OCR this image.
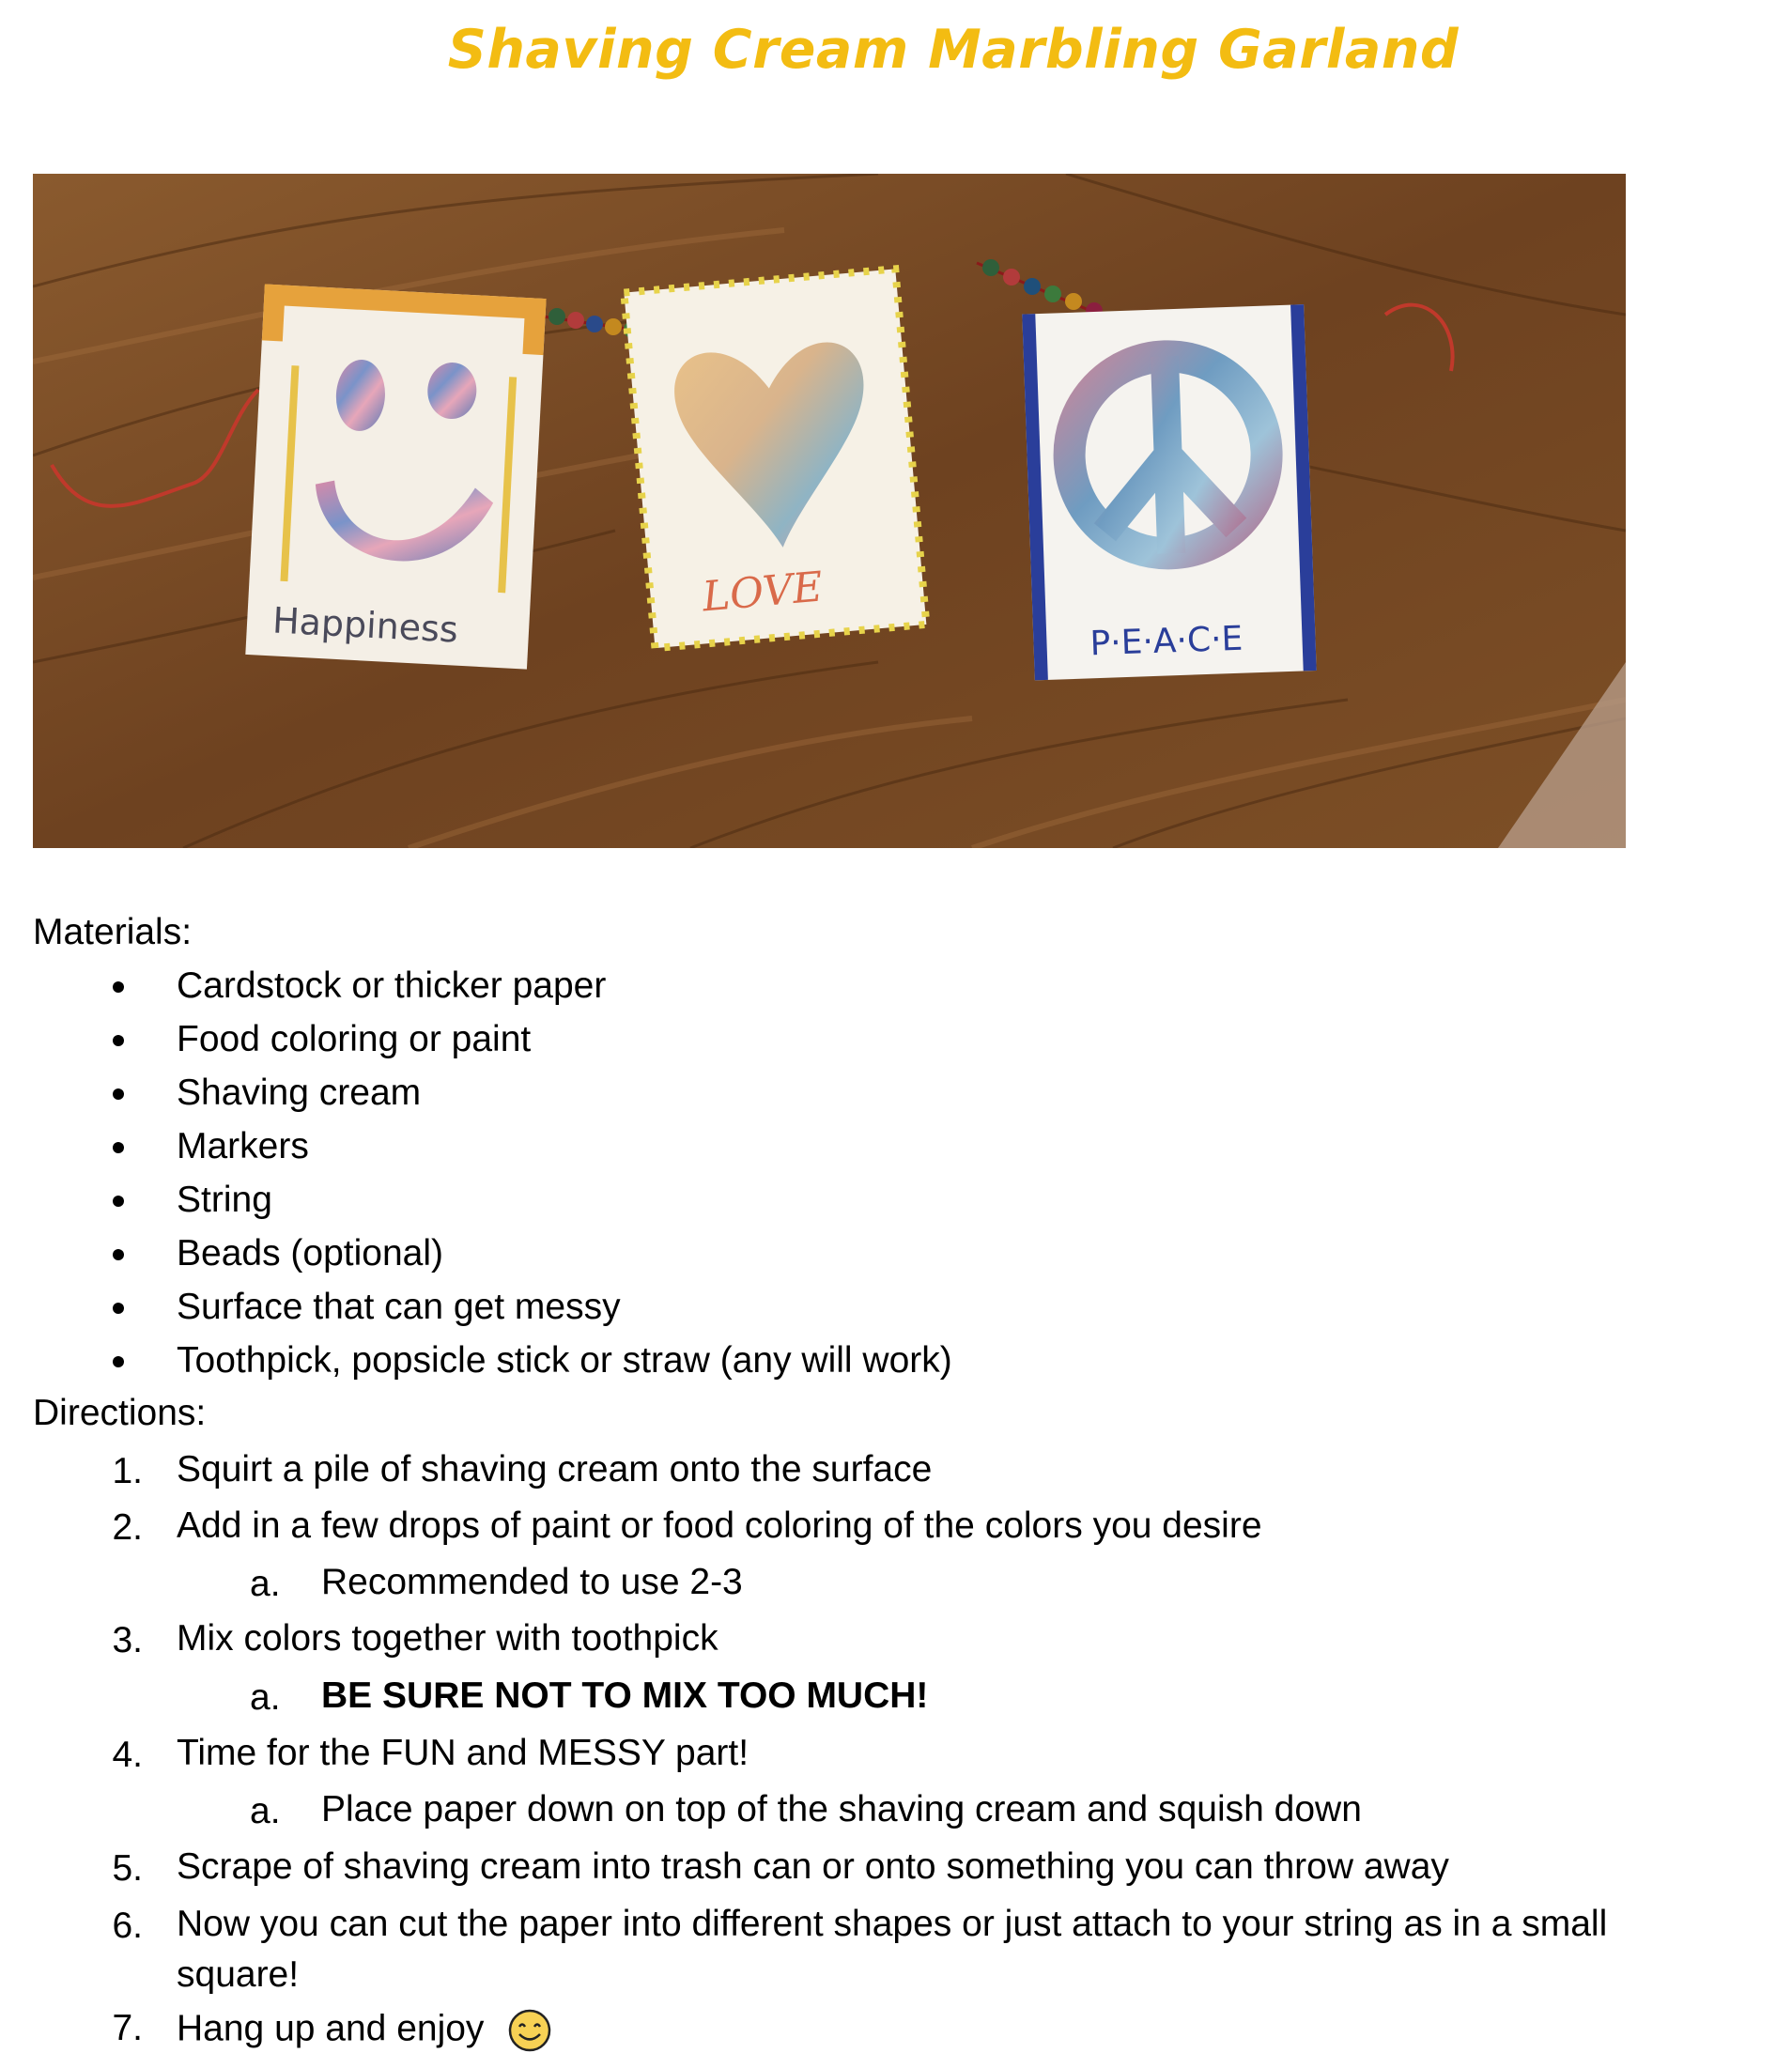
Shaving Cream Marbling Garland
Happiness
LOVE
P·E·A·C·E
Materials:
Cardstock or thicker paper
Food coloring or paint
Shaving cream
Markers
String
Beads (optional)
Surface that can get messy
Toothpick, popsicle stick or straw (any will work)
Directions:
1. Squirt a pile of shaving cream onto the surface
2. Add in a few drops of paint or food coloring of the colors you desire
a. Recommended to use 2-3
3. Mix colors together with toothpick
a. BE SURE NOT TO MIX TOO MUCH!
4. Time for the FUN and MESSY part!
a. Place paper down on top of the shaving cream and squish down
5. Scrape of shaving cream into trash can or onto something you can throw away
6. Now you can cut the paper into different shapes or just attach to your string as in a small
square!
7. Hang up and enjoy
